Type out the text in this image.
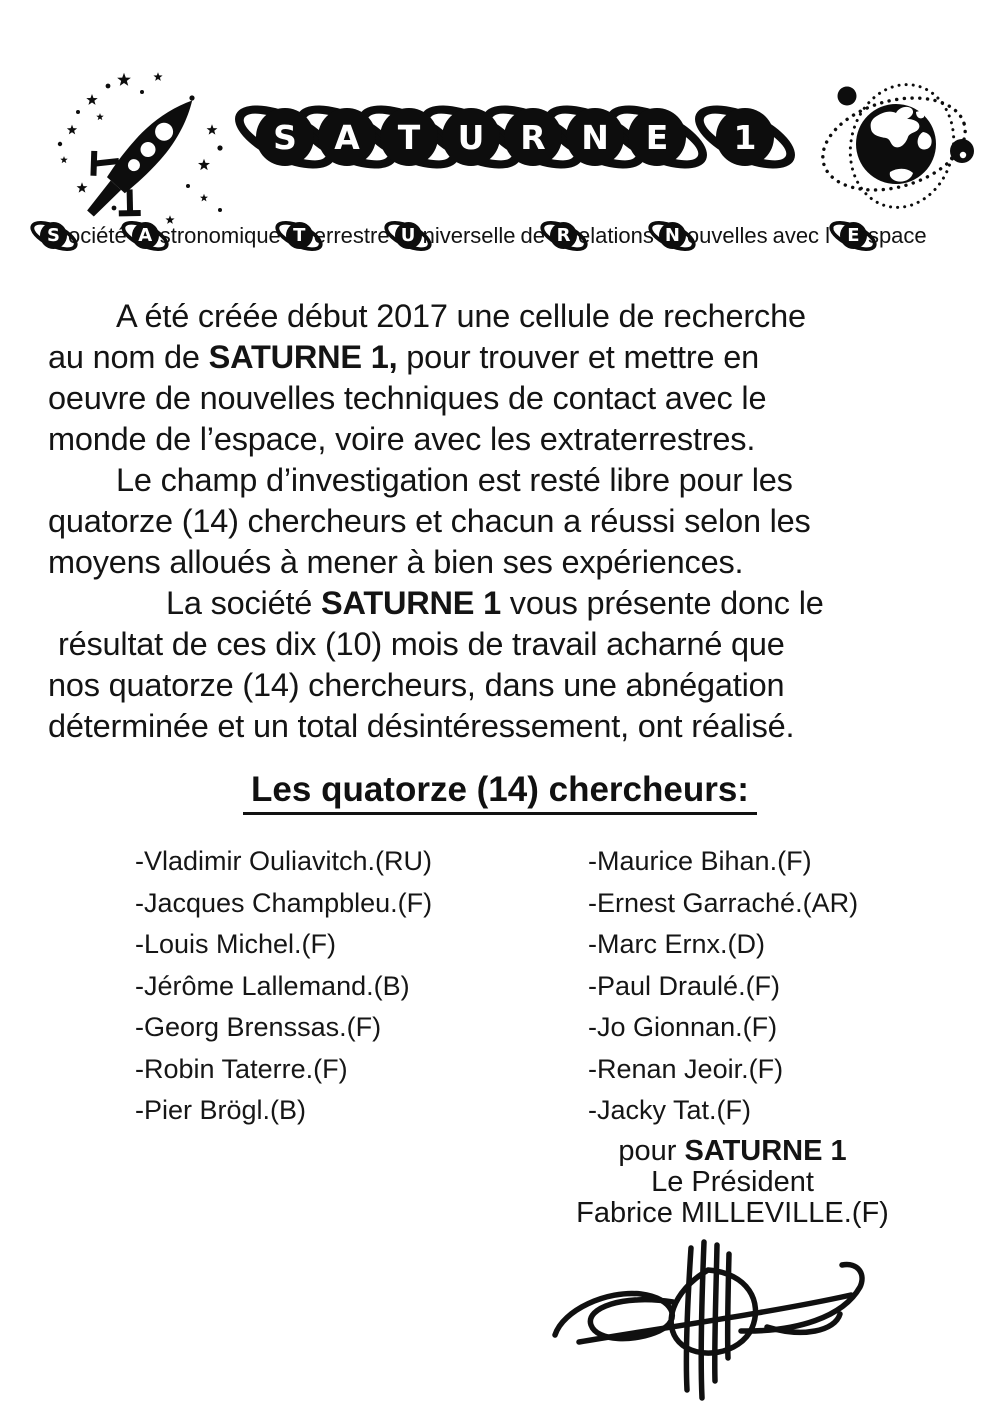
S	A	T	U	R	N	E	1
S ociété A stronomique T errestre U niverselle de R elations N ouvelles avec l’ E space
A été créée début 2017 une cellule de recherche
au nom de SATURNE 1, pour trouver et mettre en
oeuvre de nouvelles techniques de contact avec le
monde de l’espace, voire avec les extraterrestres.
Le champ d’investigation est resté libre pour les
quatorze (14) chercheurs et chacun a réussi selon les
moyens alloués à mener à bien ses expériences.
La société SATURNE 1 vous présente donc le
résultat de ces dix (10) mois de travail acharné que
nos quatorze (14) chercheurs, dans une abnégation
déterminée et un total désintéressement, ont réalisé.
Les quatorze (14) chercheurs:
-Vladimir Ouliavitch.(RU)
-Jacques Champbleu.(F)
-Louis Michel.(F)
-Jérôme Lallemand.(B)
-Georg Brenssas.(F)
-Robin Taterre.(F)
-Pier Brögl.(B)
-Maurice Bihan.(F)
-Ernest Garraché.(AR)
-Marc Ernx.(D)
-Paul Draulé.(F)
-Jo Gionnan.(F)
-Renan Jeoir.(F)
-Jacky Tat.(F)
pour SATURNE 1
Le Président
Fabrice MILLEVILLE.(F)
